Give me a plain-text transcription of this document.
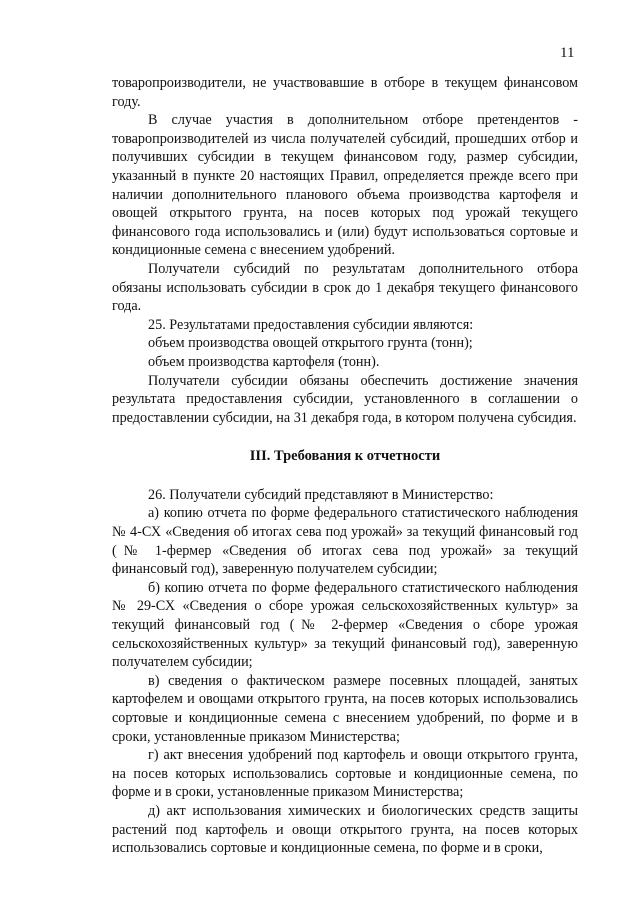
11

товаропроизводители, не участвовавшие в отборе в текущем финансовом году.

В случае участия в дополнительном отборе претендентов - товаропроизводителей из числа получателей субсидий, прошедших отбор и получивших субсидии в текущем финансовом году, размер субсидии, указанный в пункте 20 настоящих Правил, определяется прежде всего при наличии дополнительного планового объема производства картофеля и овощей открытого грунта, на посев которых под урожай текущего финансового года использовались и (или) будут использоваться сортовые и кондиционные семена с внесением удобрений.

Получатели субсидий по результатам дополнительного отбора обязаны использовать субсидии в срок до 1 декабря текущего финансового года.

25. Результатами предоставления субсидии являются:

объем производства овощей открытого грунта (тонн);

объем производства картофеля (тонн).

Получатели субсидии обязаны обеспечить достижение значения результата предоставления субсидии, установленного в соглашении о предоставлении субсидии, на 31 декабря года, в котором получена субсидия.

III. Требования к отчетности

26. Получатели субсидий представляют в Министерство:

а) копию отчета по форме федерального статистического наблюдения № 4-СХ «Сведения об итогах сева под урожай» за текущий финансовый год (№ 1-фермер «Сведения об итогах сева под урожай» за текущий финансовый год), заверенную получателем субсидии;

б) копию отчета по форме федерального статистического наблюдения № 29-СХ «Сведения о сборе урожая сельскохозяйственных культур» за текущий финансовый год (№ 2-фермер «Сведения о сборе урожая сельскохозяйственных культур» за текущий финансовый год), заверенную получателем субсидии;

в) сведения о фактическом размере посевных площадей, занятых картофелем и овощами открытого грунта, на посев которых использовались сортовые и кондиционные семена с внесением удобрений, по форме и в сроки, установленные приказом Министерства;

г) акт внесения удобрений под картофель и овощи открытого грунта, на посев которых использовались сортовые и кондиционные семена, по форме и в сроки, установленные приказом Министерства;

д) акт использования химических и биологических средств защиты растений под картофель и овощи открытого грунта, на посев которых использовались сортовые и кондиционные семена, по форме и в сроки,
